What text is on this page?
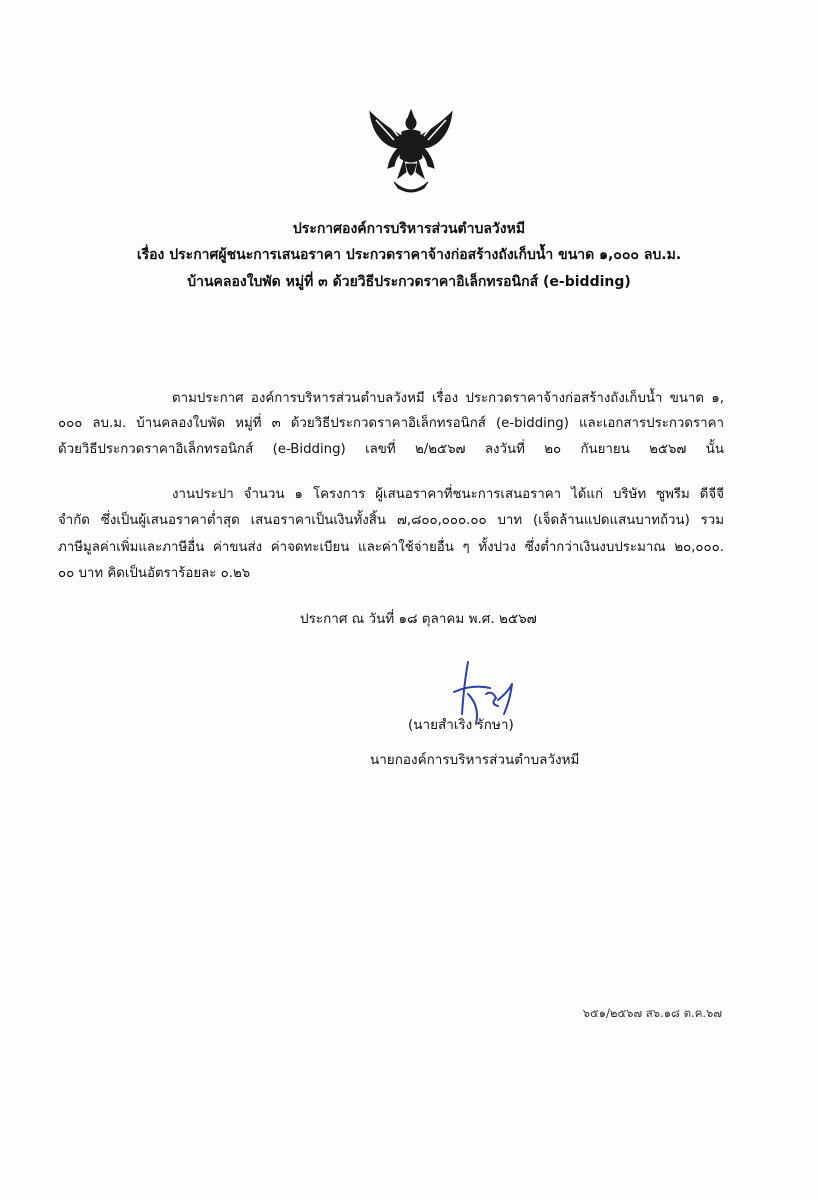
ประกาศองค์การบริหารส่วนตำบลวังหมี
เรื่อง ประกาศผู้ชนะการเสนอราคา ประกวดราคาจ้างก่อสร้างถังเก็บน้ำ ขนาด ๑,๐๐๐ ลบ.ม.
บ้านคลองใบพัด หมู่ที่ ๓ ด้วยวิธีประกวดราคาอิเล็กทรอนิกส์ (e-bidding)
ตามประกาศ องค์การบริหารส่วนตำบลวังหมี เรื่อง ประกวดราคาจ้างก่อสร้างถังเก็บน้ำ ขนาด ๑,
๐๐๐ ลบ.ม. บ้านคลองใบพัด หมู่ที่ ๓ ด้วยวิธีประกวดราคาอิเล็กทรอนิกส์ (e-bidding) และเอกสารประกวดราคา
ด้วยวิธีประกวดราคาอิเล็กทรอนิกส์ (e-Bidding) เลขที่ ๒/๒๕๖๗ ลงวันที่ ๒๐ กันยายน ๒๕๖๗ นั้น
งานประปา จำนวน ๑ โครงการ ผู้เสนอราคาที่ชนะการเสนอราคา ได้แก่ บริษัท ซูพรีม ดีจีจี
จำกัด ซึ่งเป็นผู้เสนอราคาต่ำสุด เสนอราคาเป็นเงินทั้งสิ้น ๗,๘๐๐,๐๐๐.๐๐ บาท (เจ็ดล้านแปดแสนบาทถ้วน) รวม
ภาษีมูลค่าเพิ่มและภาษีอื่น ค่าขนส่ง ค่าจดทะเบียน และค่าใช้จ่ายอื่น ๆ ทั้งปวง ซึ่งต่ำกว่าเงินงบประมาณ ๒๐,๐๐๐.
๐๐ บาท คิดเป็นอัตราร้อยละ ๐.๒๖
ประกาศ ณ วันที่ ๑๘ ตุลาคม พ.ศ. ๒๕๖๗
(นายสำเริง รักษา)
นายกองค์การบริหารส่วนตำบลวังหมี
๖๕๑/๒๕๖๗ ส๖.๑๘ ต.ค.๖๗
